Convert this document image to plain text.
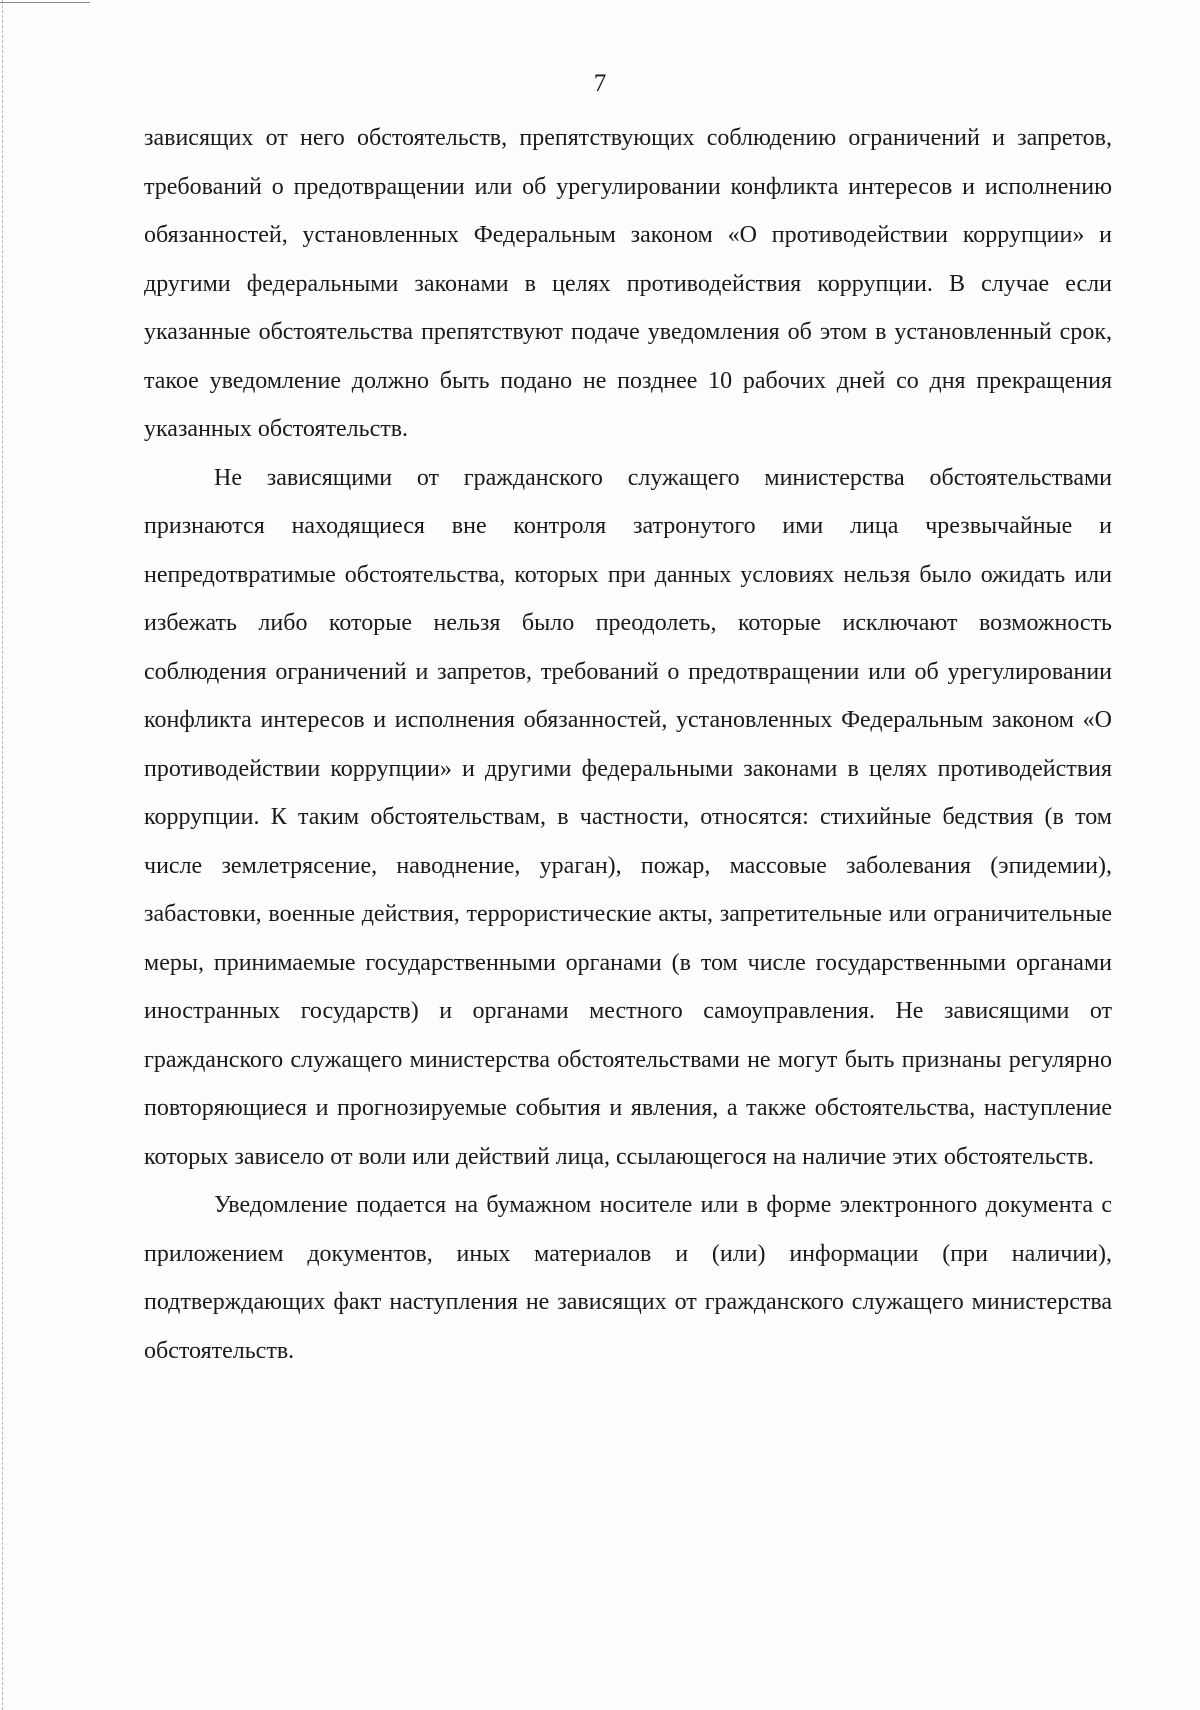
7

зависящих от него обстоятельств, препятствующих соблюдению ограничений и запретов, требований о предотвращении или об урегулировании конфликта интересов и исполнению обязанностей, установленных Федеральным законом «О противодействии коррупции» и другими федеральными законами в целях противодействия коррупции. В случае если указанные обстоятельства препятствуют подаче уведомления об этом в установленный срок, такое уведомление должно быть подано не позднее 10 рабочих дней со дня прекращения указанных обстоятельств.

Не зависящими от гражданского служащего министерства обстоятельствами признаются находящиеся вне контроля затронутого ими лица чрезвычайные и непредотвратимые обстоятельства, которых при данных условиях нельзя было ожидать или избежать либо которые нельзя было преодолеть, которые исключают возможность соблюдения ограничений и запретов, требований о предотвращении или об урегулировании конфликта интересов и исполнения обязанностей, установленных Федеральным законом «О противодействии коррупции» и другими федеральными законами в целях противодействия коррупции. К таким обстоятельствам, в частности, относятся: стихийные бедствия (в том числе землетрясение, наводнение, ураган), пожар, массовые заболевания (эпидемии), забастовки, военные действия, террористические акты, запретительные или ограничительные меры, принимаемые государственными органами (в том числе государственными органами иностранных государств) и органами местного самоуправления. Не зависящими от гражданского служащего министерства обстоятельствами не могут быть признаны регулярно повторяющиеся и прогнозируемые события и явления, а также обстоятельства, наступление которых зависело от воли или действий лица, ссылающегося на наличие этих обстоятельств.

Уведомление подается на бумажном носителе или в форме электронного документа с приложением документов, иных материалов и (или) информации (при наличии), подтверждающих факт наступления не зависящих от гражданского служащего министерства обстоятельств.
